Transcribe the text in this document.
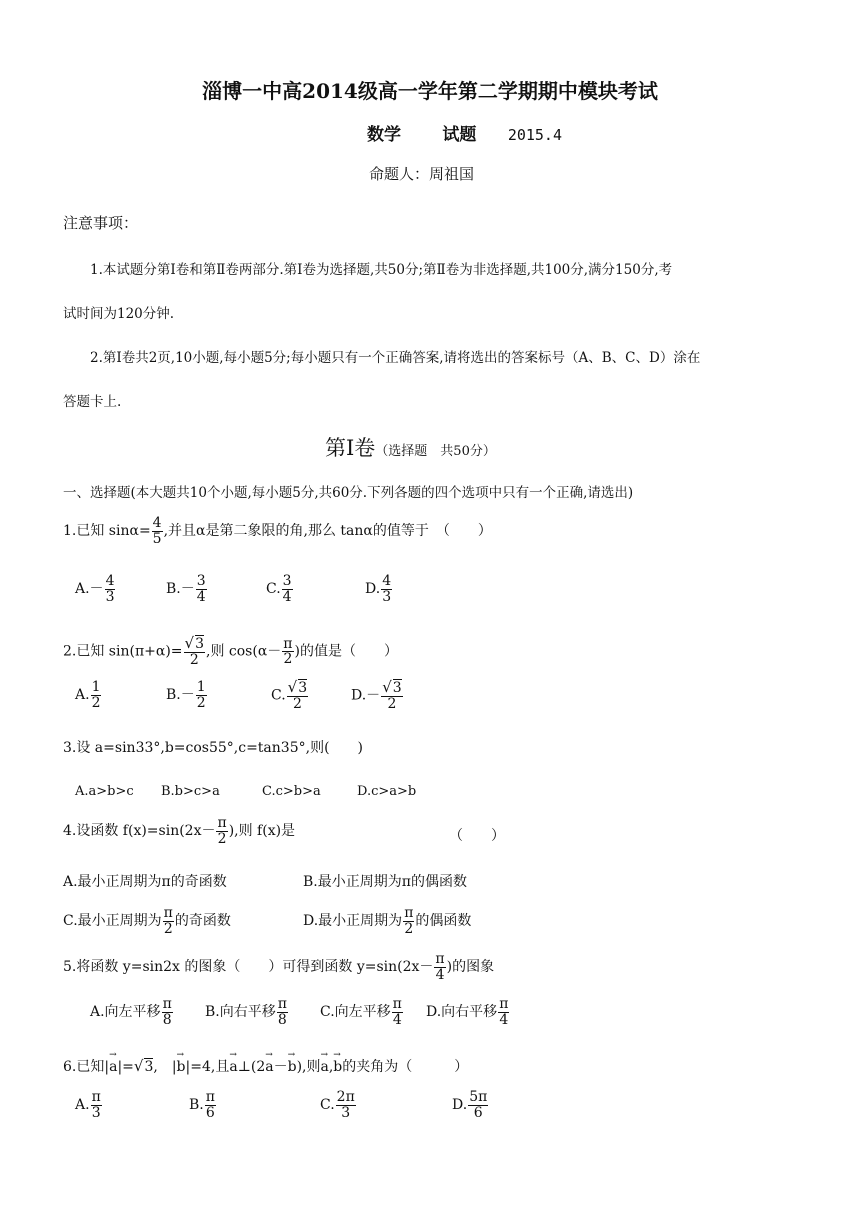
淄博一中高2014级高一学年第二学期期中模块考试
数学 试题 2015.4
命题人：周祖国
注意事项：
1.本试题分第Ⅰ卷和第Ⅱ卷两部分.第Ⅰ卷为选择题,共50分;第Ⅱ卷为非选择题,共100分,满分150分,考
试时间为120分钟.
2.第Ⅰ卷共2页,10小题,每小题5分;每小题只有一个正确答案,请将选出的答案标号（A、B、C、D）涂在
答题卡上.
第Ⅰ卷（选择题　共50分）
一、选择题(本大题共10个小题,每小题5分,共60分.下列各题的四个选项中只有一个正确,请选出)
1.已知 $\sin\alpha= \frac{4}{5}$ ,并且α是第二象限的角,那么 tanα的值等于　（　　）
$A.- \frac{4}{3}$	$B.- \frac{3}{4}$	C. $\frac{3}{4}$	D. $\frac{4}{3}$
2.已知 $\sin(\pi+\alpha)= \frac{√3}{2}$ ,则 $\cos(\alpha- \frac{\pi}{2}$ )的值是（　　）
A. $\frac{1}{2}$	$B.- \frac{1}{2}$	C. $\frac{√3}{2}$	$D.- \frac{√3}{2}$
3.设 a=sin33°,b=cos55°,c=tan35°,则(　　)
A.a>b>c B.b>c>a	C.c>b>a	D.c>a>b
4.设函数 $f(x)=\sin(2x- \frac{\pi}{2}$ ),则 f(x)是	（　　）
A.最小正周期为π的奇函数	B.最小正周期为π的偶函数
C.最小正周期为 $\frac{\pi}{2}$ 的奇函数	D.最小正周期为 $\frac{\pi}{2}$ 的偶函数
5.将函数 y=sin2x 的图象（　　）可得到函数 $y=\sin(2x- \frac{\pi}{4}$ )的图象
A.向左平移 $\frac{\pi}{8} B$.向右平移 $\frac{\pi}{8} C$.向左平移 $\frac{\pi}{4} D$.向右平移 $\frac{\pi}{4}$
6.已知|→ a|=√3,　|→ b|=4,且→ a⊥(2→ a－→ b),则→ a,→ b的夹角为（　　　）
A. $\frac{\pi}{3}$	B. $\frac{\pi}{6}$	C. $\frac{2\pi}{3}$	D. $\frac{5\pi}{6}$
